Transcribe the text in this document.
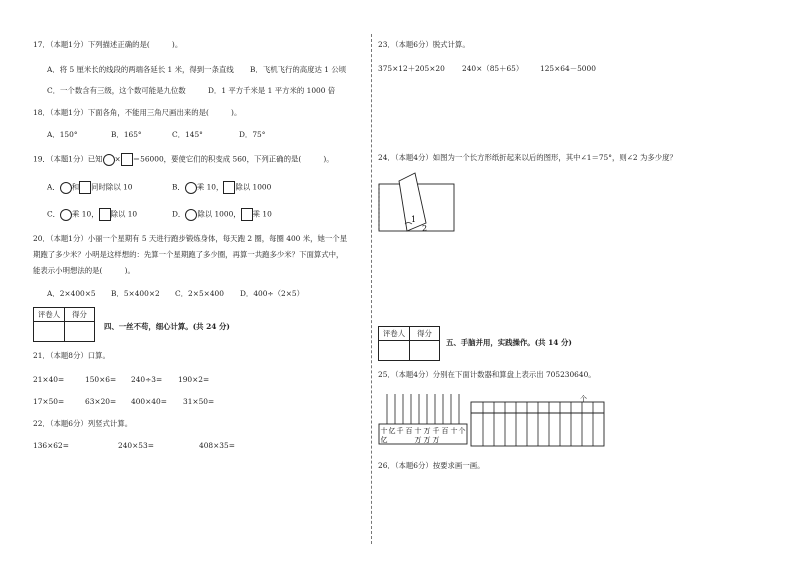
17．（本题1分）下列描述正确的是(　　　)。
A．将 5 厘米长的线段的两端各延长 1 米，得到一条直线 B．飞机飞行的高度达 1 公顷
C．一个数含有三级，这个数可能是九位数	D．1 平方千米是 1 平方米的 1000 倍
18．（本题1分）下面各角，不能用三角尺画出来的是(　　　)。
A．150°	B．165°	C．145°	D．75°
19．（本题1分）已知 × ＝56000，要使它们的积变成 560，下列正确的是(　　　)。
A． 和 同时除以 10	B． 乘 10， 除以 1000
C． 乘 10， 除以 10	D． 除以 1000， 乘 10
20．（本题1分）小丽一个星期有 5 天进行跑步锻炼身体，每天跑 2 圈，每圈 400 米，她一个星
期跑了多少米？小明是这样想的：先算一个星期跑了多少圈，再算一共跑多少米？下面算式中，
能表示小明想法的是(　　　)。
A．2×400×5 B．5×400×2 C．2×5×400 D．400÷（2×5）
评卷人	得分

四、一丝不苟，细心计算。(共 24 分)
21．（本题8分）口算。
21×40=	150×6= 240÷3= 190×2=
17×50=	63×20= 400×40= 31×50=
22．（本题6分）列竖式计算。
136×62=	240×53=	408×35=
23．（本题6分）脱式计算。
375×12＋205×20 240×（85＋65） 125×64－5000
24．（本题4分）如图为一个长方形纸折起来以后的图形，其中∠1＝75°，则∠2 为多少度？
1
2
评卷人	得分

五、手脑并用，实践操作。(共 14 分)
25．（本题4分）分别在下面计数器和算盘上表示出 705230640。
十 亿 千 百 十 万 千 百 十 个
亿	万 万 万
个
26．（本题6分）按要求画一画。
